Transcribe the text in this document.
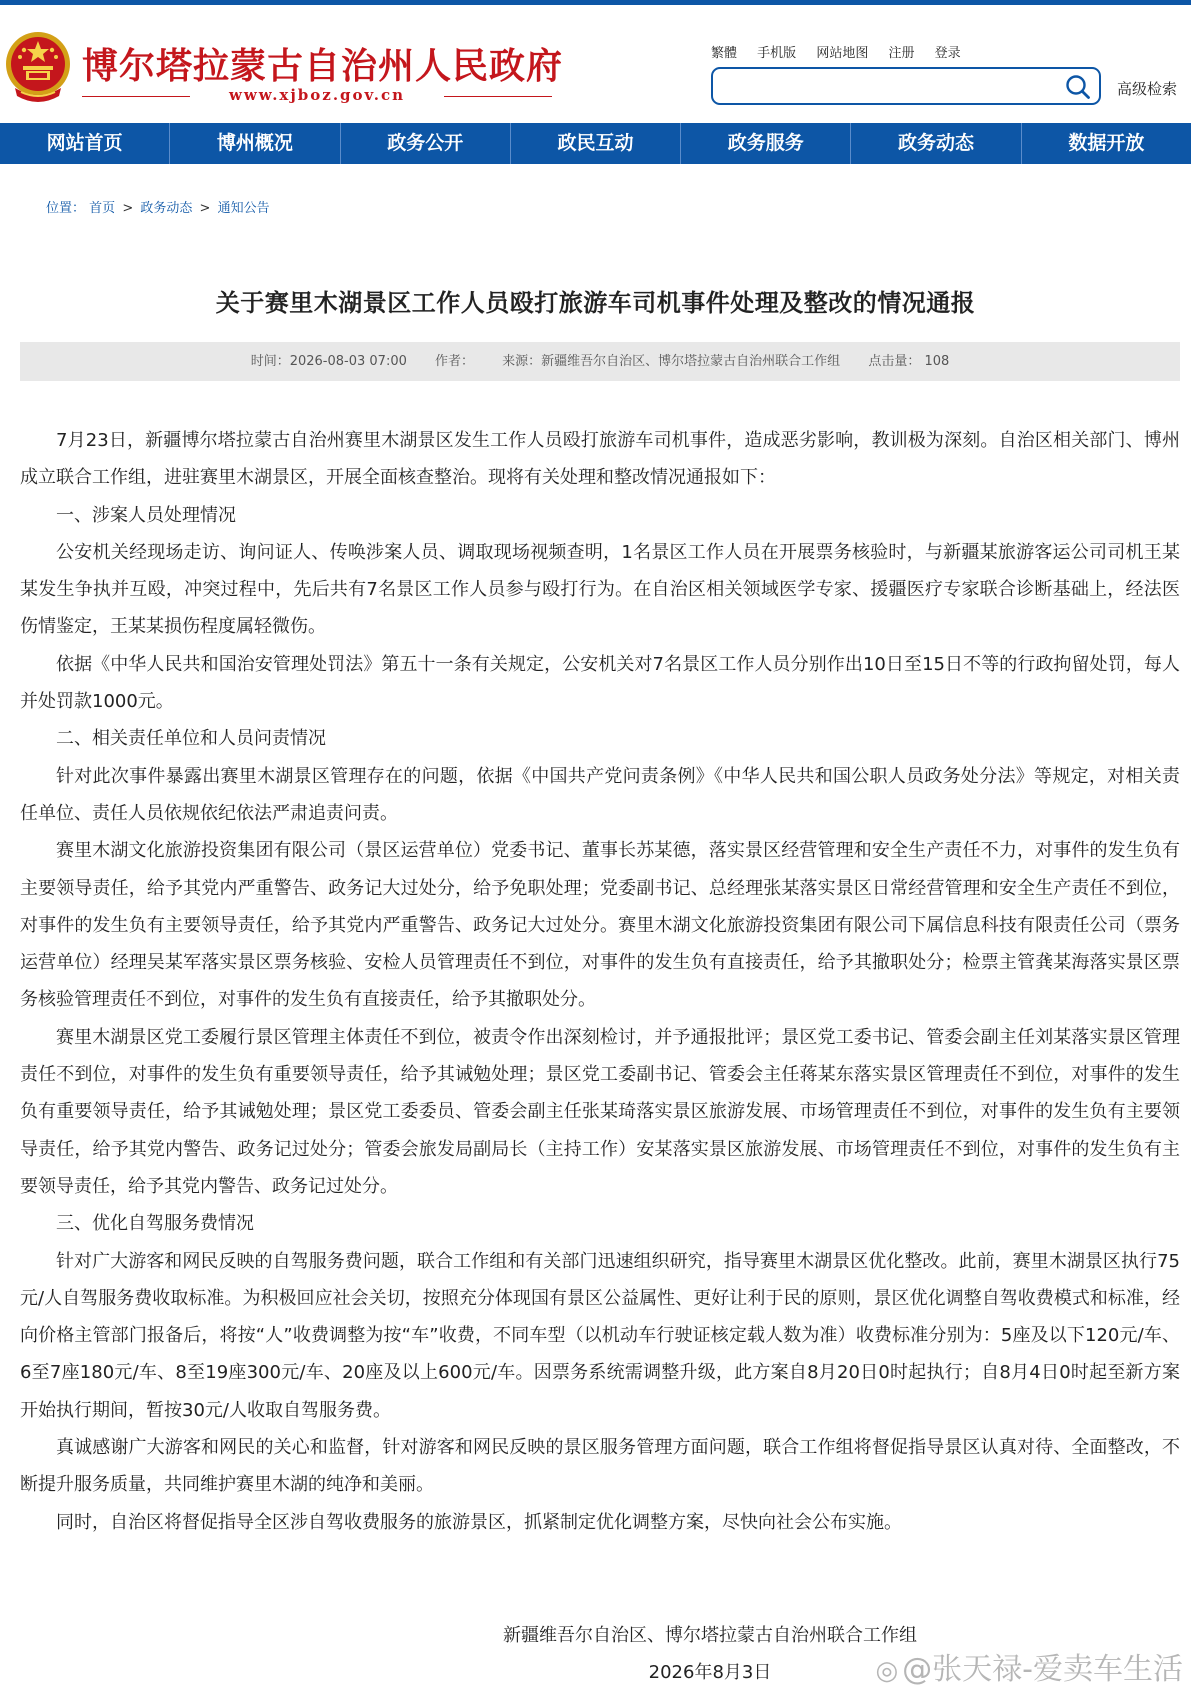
博尔塔拉蒙古自治州人民政府
www.xjboz.gov.cn
繁體 手机版 网站地图 注册 登录
高级检索
网站首页	博州概况	政务公开	政民互动	政务服务	政务动态	数据开放
位置： 首页 > 政务动态 > 通知公告
关于赛里木湖景区工作人员殴打旅游车司机事件处理及整改的情况通报
时间：2026-08-03 07:00 作者： 来源：新疆维吾尔自治区、博尔塔拉蒙古自治州联合工作组 点击量： 108

7月23日，新疆博尔塔拉蒙古自治州赛里木湖景区发生工作人员殴打旅游车司机事件，造成恶劣影响，教训极为深刻。自治区相关部门、博州成立联合工作组，进驻赛里木湖景区，开展全面核查整治。现将有关处理和整改情况通报如下：

一、涉案人员处理情况

公安机关经现场走访、询问证人、传唤涉案人员、调取现场视频查明，1名景区工作人员在开展票务核验时，与新疆某旅游客运公司司机王某某发生争执并互殴，冲突过程中，先后共有7名景区工作人员参与殴打行为。在自治区相关领域医学专家、援疆医疗专家联合诊断基础上，经法医伤情鉴定，王某某损伤程度属轻微伤。

依据《中华人民共和国治安管理处罚法》第五十一条有关规定，公安机关对7名景区工作人员分别作出10日至15日不等的行政拘留处罚，每人并处罚款1000元。

二、相关责任单位和人员问责情况

针对此次事件暴露出赛里木湖景区管理存在的问题，依据《中国共产党问责条例》《中华人民共和国公职人员政务处分法》等规定，对相关责任单位、责任人员依规依纪依法严肃追责问责。

赛里木湖文化旅游投资集团有限公司（景区运营单位）党委书记、董事长苏某德，落实景区经营管理和安全生产责任不力，对事件的发生负有主要领导责任，给予其党内严重警告、政务记大过处分，给予免职处理；党委副书记、总经理张某落实景区日常经营管理和安全生产责任不到位，对事件的发生负有主要领导责任，给予其党内严重警告、政务记大过处分。赛里木湖文化旅游投资集团有限公司下属信息科技有限责任公司（票务运营单位）经理吴某军落实景区票务核验、安检人员管理责任不到位，对事件的发生负有直接责任，给予其撤职处分；检票主管龚某海落实景区票务核验管理责任不到位，对事件的发生负有直接责任，给予其撤职处分。

赛里木湖景区党工委履行景区管理主体责任不到位，被责令作出深刻检讨，并予通报批评；景区党工委书记、管委会副主任刘某落实景区管理责任不到位，对事件的发生负有重要领导责任，给予其诫勉处理；景区党工委副书记、管委会主任蒋某东落实景区管理责任不到位，对事件的发生负有重要领导责任，给予其诫勉处理；景区党工委委员、管委会副主任张某琦落实景区旅游发展、市场管理责任不到位，对事件的发生负有主要领导责任，给予其党内警告、政务记过处分；管委会旅发局副局长（主持工作）安某落实景区旅游发展、市场管理责任不到位，对事件的发生负有主要领导责任，给予其党内警告、政务记过处分。

三、优化自驾服务费情况

针对广大游客和网民反映的自驾服务费问题，联合工作组和有关部门迅速组织研究，指导赛里木湖景区优化整改。此前，赛里木湖景区执行75元/人自驾服务费收取标准。为积极回应社会关切，按照充分体现国有景区公益属性、更好让利于民的原则，景区优化调整自驾收费模式和标准，经向价格主管部门报备后，将按“人”收费调整为按“车”收费，不同车型（以机动车行驶证核定载人数为准）收费标准分别为：5座及以下120元/车、6至7座180元/车、8至19座300元/车、20座及以上600元/车。因票务系统需调整升级，此方案自8月20日0时起执行；自8月4日0时起至新方案开始执行期间，暂按30元/人收取自驾服务费。

真诚感谢广大游客和网民的关心和监督，针对游客和网民反映的景区服务管理方面问题，联合工作组将督促指导景区认真对待、全面整改，不断提升服务质量，共同维护赛里木湖的纯净和美丽。

同时，自治区将督促指导全区涉自驾收费服务的旅游景区，抓紧制定优化调整方案，尽快向社会公布实施。

新疆维吾尔自治区、博尔塔拉蒙古自治州联合工作组
2026年8月3日	◎ @张天禄-爱卖车生活
